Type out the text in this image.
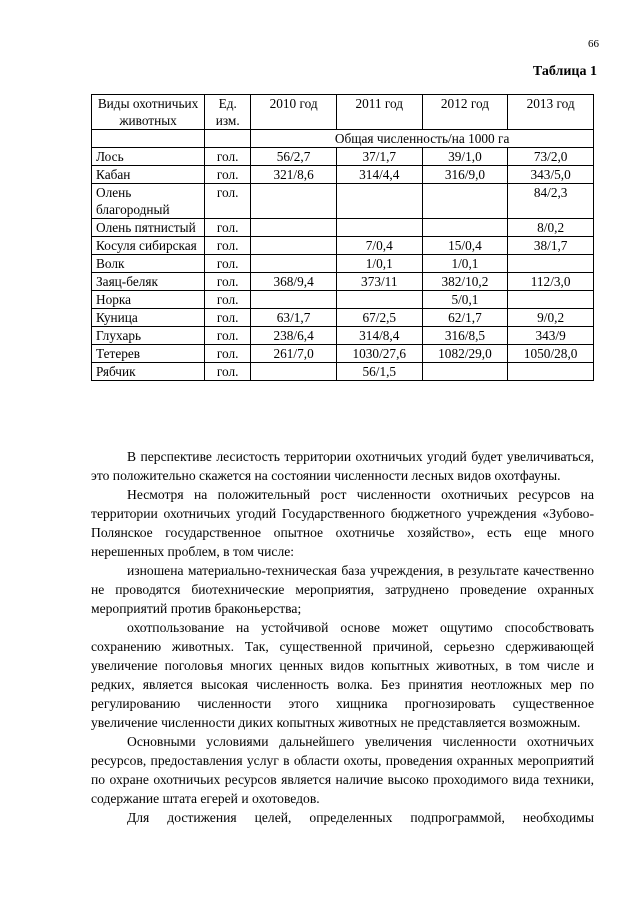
66
Таблица 1
Виды охотничьих животных	Ед. изм.	2010 год	2011 год	2012 год	2013 год
		Общая численность/на 1000 га			
Лось	гол.	56/2,7	37/1,7	39/1,0	73/2,0
Кабан	гол.	321/8,6	314/4,4	316/9,0	343/5,0
Олень благородный	гол.				84/2,3
Олень пятнистый	гол.				8/0,2
Косуля сибирская	гол.		7/0,4	15/0,4	38/1,7
Волк	гол.		1/0,1	1/0,1	
Заяц-беляк	гол.	368/9,4	373/11	382/10,2	112/3,0
Норка	гол.			5/0,1	
Куница	гол.	63/1,7	67/2,5	62/1,7	9/0,2
Глухарь	гол.	238/6,4	314/8,4	316/8,5	343/9
Тетерев	гол.	261/7,0	1030/27,6	1082/29,0	1050/28,0
Рябчик	гол.		56/1,5		

В перспективе лесистость территории охотничьих угодий будет увеличиваться, это положительно скажется на состоянии численности лесных видов охотфауны.

Несмотря на положительный рост численности охотничьих ресурсов на территории охотничьих угодий Государственного бюджетного учреждения «Зубово-Полянское государственное опытное охотничье хозяйство», есть еще много нерешенных проблем, в том числе:

изношена материально-техническая база учреждения, в результате качественно не проводятся биотехнические мероприятия, затруднено проведение охранных мероприятий против браконьерства;

охотпользование на устойчивой основе может ощутимо способствовать сохранению животных. Так, существенной причиной, серьезно сдерживающей увеличение поголовья многих ценных видов копытных животных, в том числе и редких, является высокая численность волка. Без принятия неотложных мер по регулированию численности этого хищника прогнозировать существенное увеличение численности диких копытных животных не представляется возможным.

Основными условиями дальнейшего увеличения численности охотничьих ресурсов, предоставления услуг в области охоты, проведения охранных мероприятий по охране охотничьих ресурсов является наличие высоко проходимого вида техники, содержание штата егерей и охотоведов.

Для достижения целей, определенных подпрограммой, необходимы
